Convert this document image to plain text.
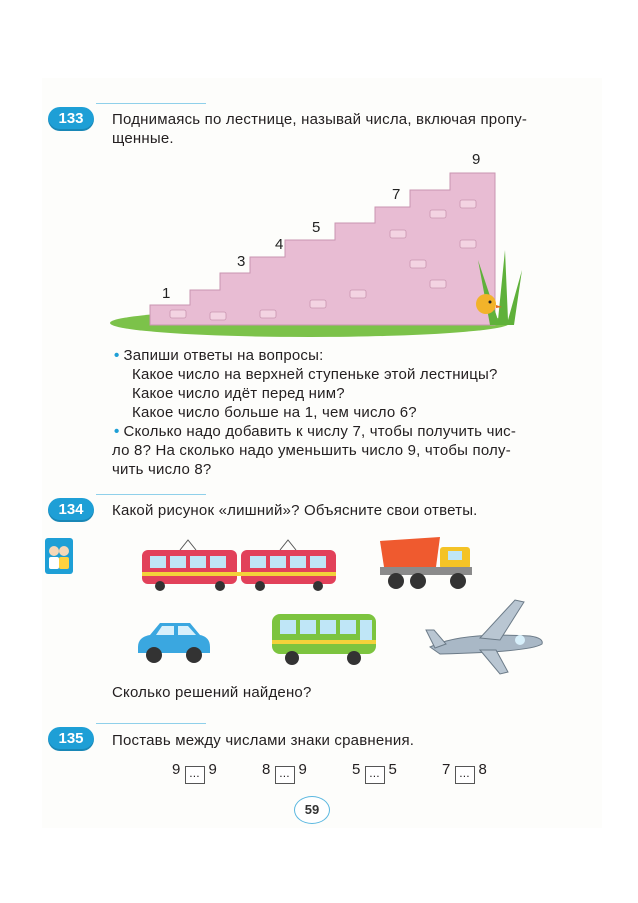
133	Поднимаясь по лестнице, называй числа, включая пропу-
щенные.
1
3
4
5
7
9
• Запиши ответы на вопросы:
Какое число на верхней ступеньке этой лестницы?
Какое число идёт перед ним?
Какое число больше на 1, чем число 6?
• Сколько надо добавить к числу 7, чтобы получить чис-
ло 8? На сколько надо уменьшить число 9, чтобы полу-
чить число 8?
134	Какой рисунок «лишний»? Объясните свои ответы.
Сколько решений найдено?
135	Поставь между числами знаки сравнения.
9 ... 9	8 ... 9	5 ... 5	7 ... 8
59
